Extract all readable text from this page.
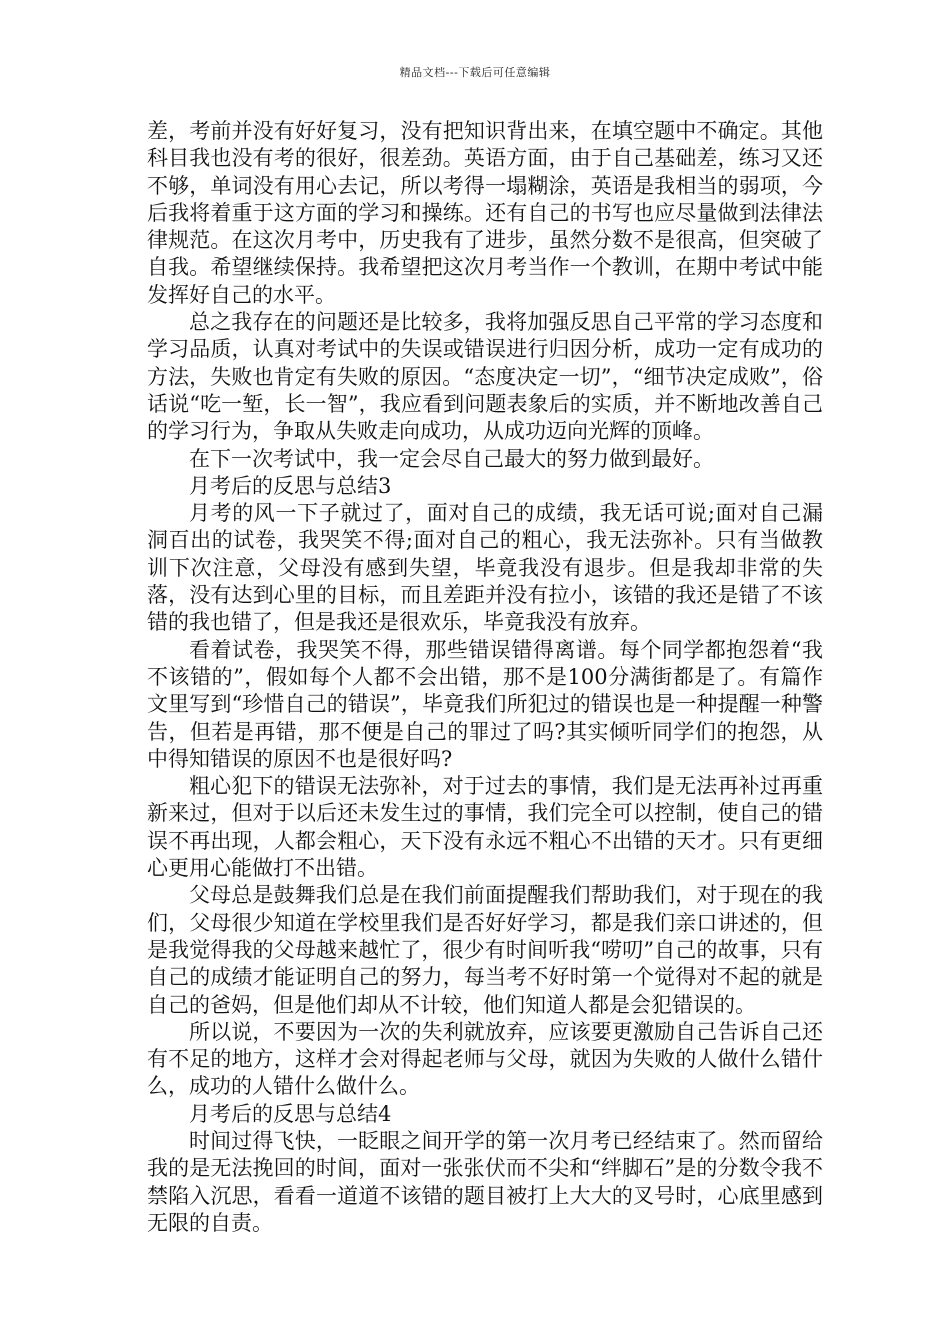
精品文档---下载后可任意编辑

差，考前并没有好好复习，没有把知识背出来，在填空题中不确定。其他科目我也没有考的很好，很差劲。英语方面，由于自己基础差，练习又还不够，单词没有用心去记，所以考得一塌糊涂，英语是我相当的弱项，今后我将着重于这方面的学习和操练。还有自己的书写也应尽量做到法律法律规范。在这次月考中，历史我有了进步，虽然分数不是很高，但突破了自我。希望继续保持。我希望把这次月考当作一个教训，在期中考试中能发挥好自己的水平。

总之我存在的问题还是比较多，我将加强反思自己平常的学习态度和学习品质，认真对考试中的失误或错误进行归因分析，成功一定有成功的方法，失败也肯定有失败的原因。“态度决定一切”，“细节决定成败”，俗话说“吃一堑，长一智”，我应看到问题表象后的实质，并不断地改善自己的学习行为，争取从失败走向成功，从成功迈向光辉的顶峰。

在下一次考试中，我一定会尽自己最大的努力做到最好。

月考后的反思与总结3

月考的风一下子就过了，面对自己的成绩，我无话可说;面对自己漏洞百出的试卷，我哭笑不得;面对自己的粗心，我无法弥补。只有当做教训下次注意，父母没有感到失望，毕竟我没有退步。但是我却非常的失落，没有达到心里的目标，而且差距并没有拉小，该错的我还是错了不该错的我也错了，但是我还是很欢乐，毕竟我没有放弃。

看着试卷，我哭笑不得，那些错误错得离谱。每个同学都抱怨着“我不该错的”，假如每个人都不会出错，那不是100分满街都是了。有篇作文里写到“珍惜自己的错误”，毕竟我们所犯过的错误也是一种提醒一种警告，但若是再错，那不便是自己的罪过了吗?其实倾听同学们的抱怨，从中得知错误的原因不也是很好吗?

粗心犯下的错误无法弥补，对于过去的事情，我们是无法再补过再重新来过，但对于以后还未发生过的事情，我们完全可以控制，使自己的错误不再出现，人都会粗心，天下没有永远不粗心不出错的天才。只有更细心更用心能做打不出错。

父母总是鼓舞我们总是在我们前面提醒我们帮助我们，对于现在的我们，父母很少知道在学校里我们是否好好学习，都是我们亲口讲述的，但是我觉得我的父母越来越忙了，很少有时间听我“唠叨”自己的故事，只有自己的成绩才能证明自己的努力，每当考不好时第一个觉得对不起的就是自己的爸妈，但是他们却从不计较，他们知道人都是会犯错误的。

所以说，不要因为一次的失利就放弃，应该要更激励自己告诉自己还有不足的地方，这样才会对得起老师与父母，就因为失败的人做什么错什么，成功的人错什么做什么。

月考后的反思与总结4

时间过得飞快，一眨眼之间开学的第一次月考已经结束了。然而留给我的是无法挽回的时间，面对一张张伏而不尖和“绊脚石”是的分数令我不禁陷入沉思，看看一道道不该错的题目被打上大大的叉号时，心底里感到无限的自责。
